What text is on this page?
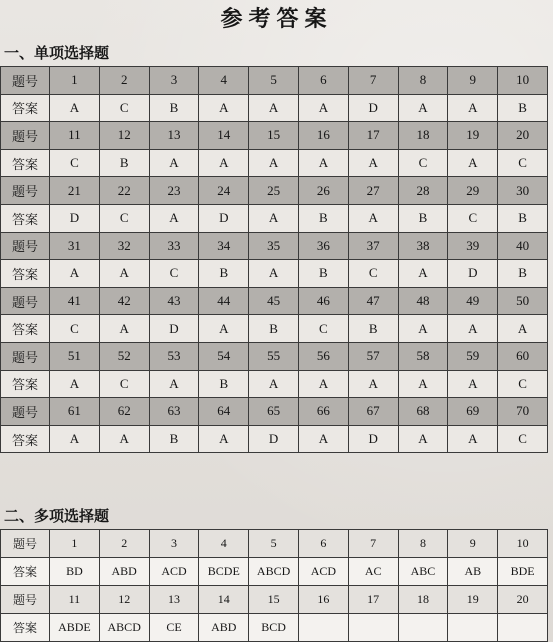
参考答案
一、单项选择题
题号	1	2	3	4	5	6	7	8	9	10
答案	A	C	B	A	A	A	D	A	A	B
题号	11	12	13	14	15	16	17	18	19	20
答案	C	B	A	A	A	A	A	C	A	C
题号	21	22	23	24	25	26	27	28	29	30
答案	D	C	A	D	A	B	A	B	C	B
题号	31	32	33	34	35	36	37	38	39	40
答案	A	A	C	B	A	B	C	A	D	B
题号	41	42	43	44	45	46	47	48	49	50
答案	C	A	D	A	B	C	B	A	A	A
题号	51	52	53	54	55	56	57	58	59	60
答案	A	C	A	B	A	A	A	A	A	C
题号	61	62	63	64	65	66	67	68	69	70
答案	A	A	B	A	D	A	D	A	A	C
二、多项选择题
题号	1	2	3	4	5	6	7	8	9	10
答案	BD	ABD	ACD	BCDE	ABCD	ACD	AC	ABC	AB	BDE
题号	11	12	13	14	15	16	17	18	19	20
答案	ABDE	ABCD	CE	ABD	BCD					
